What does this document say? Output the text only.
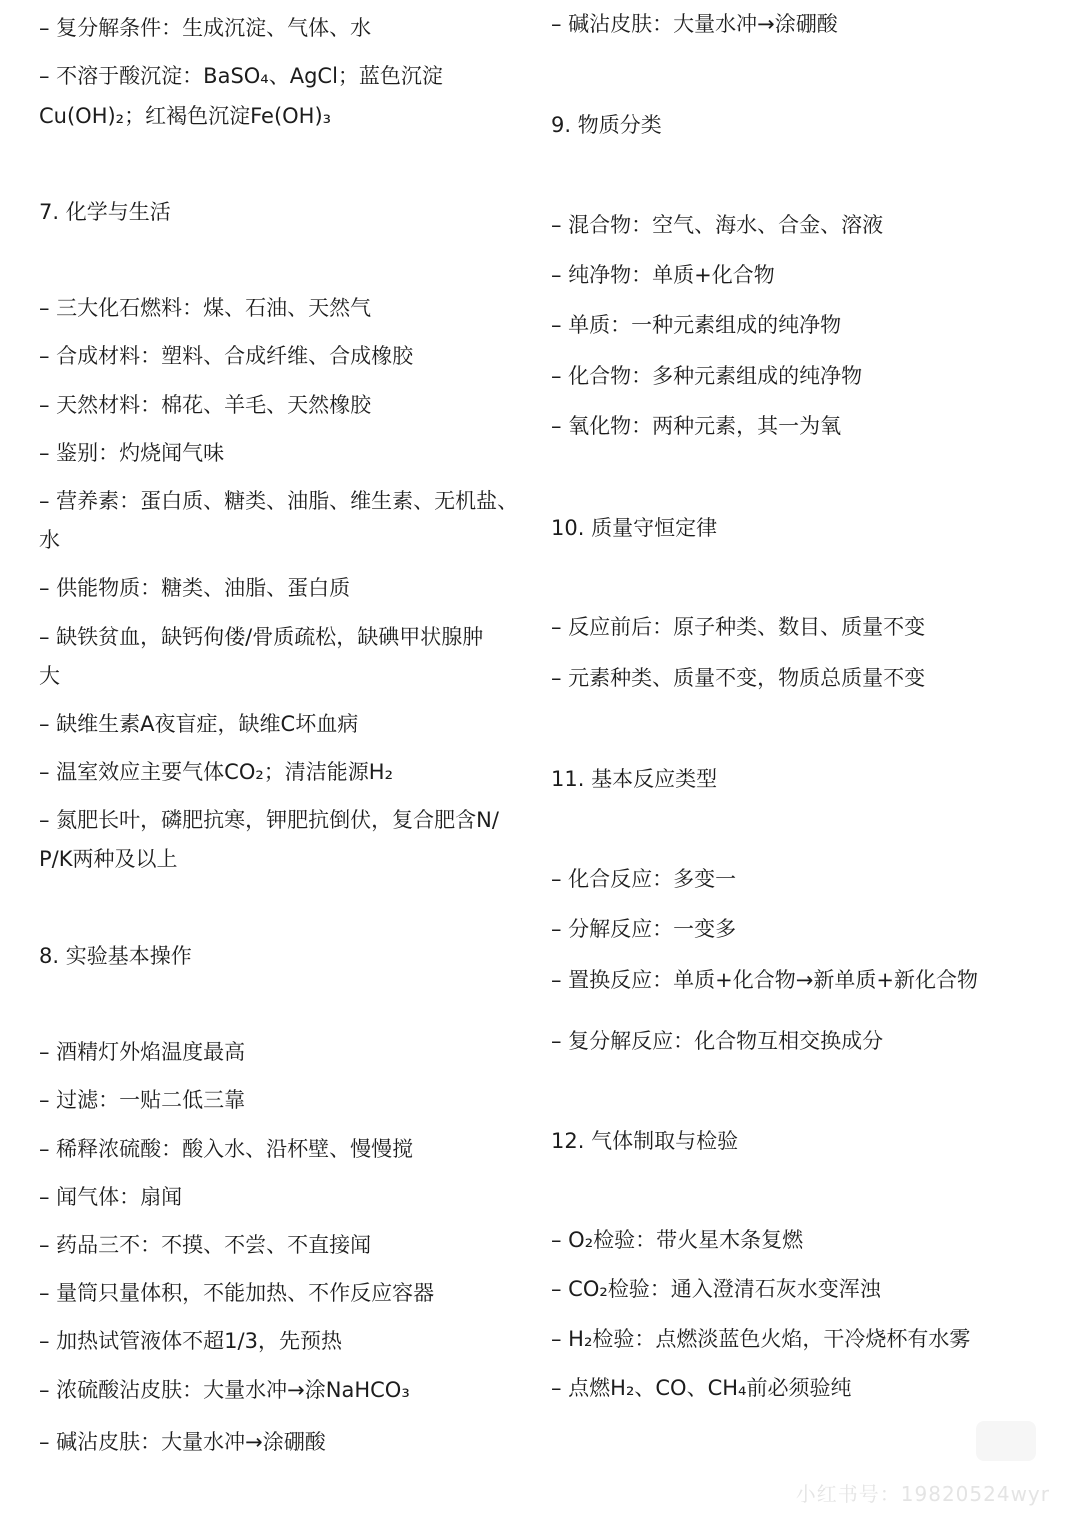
– 复分解条件：生成沉淀、气体、水
– 不溶于酸沉淀：BaSO₄、AgCl；蓝色沉淀
Cu(OH)₂；红褐色沉淀Fe(OH)₃
7. 化学与生活
– 三大化石燃料：煤、石油、天然气
– 合成材料：塑料、合成纤维、合成橡胶
– 天然材料：棉花、羊毛、天然橡胶
– 鉴别：灼烧闻气味
– 营养素：蛋白质、糖类、油脂、维生素、无机盐、
水
– 供能物质：糖类、油脂、蛋白质
– 缺铁贫血，缺钙佝偻/骨质疏松，缺碘甲状腺肿
大
– 缺维生素A夜盲症，缺维C坏血病
– 温室效应主要气体CO₂；清洁能源H₂
– 氮肥长叶，磷肥抗寒，钾肥抗倒伏，复合肥含N/
P/K两种及以上
8. 实验基本操作
– 酒精灯外焰温度最高
– 过滤：一贴二低三靠
– 稀释浓硫酸：酸入水、沿杯壁、慢慢搅
– 闻气体：扇闻
– 药品三不：不摸、不尝、不直接闻
– 量筒只量体积，不能加热、不作反应容器
– 加热试管液体不超1/3，先预热
– 浓硫酸沾皮肤：大量水冲→涂NaHCO₃
– 碱沾皮肤：大量水冲→涂硼酸
– 碱沾皮肤：大量水冲→涂硼酸
9. 物质分类
– 混合物：空气、海水、合金、溶液
– 纯净物：单质+化合物
– 单质：一种元素组成的纯净物
– 化合物：多种元素组成的纯净物
– 氧化物：两种元素，其一为氧
10. 质量守恒定律
– 反应前后：原子种类、数目、质量不变
– 元素种类、质量不变，物质总质量不变
11. 基本反应类型
– 化合反应：多变一
– 分解反应：一变多
– 置换反应：单质+化合物→新单质+新化合物
– 复分解反应：化合物互相交换成分
12. 气体制取与检验
– O₂检验：带火星木条复燃
– CO₂检验：通入澄清石灰水变浑浊
– H₂检验：点燃淡蓝色火焰，干冷烧杯有水雾
– 点燃H₂、CO、CH₄前必须验纯
小红书号：19820524wyr
